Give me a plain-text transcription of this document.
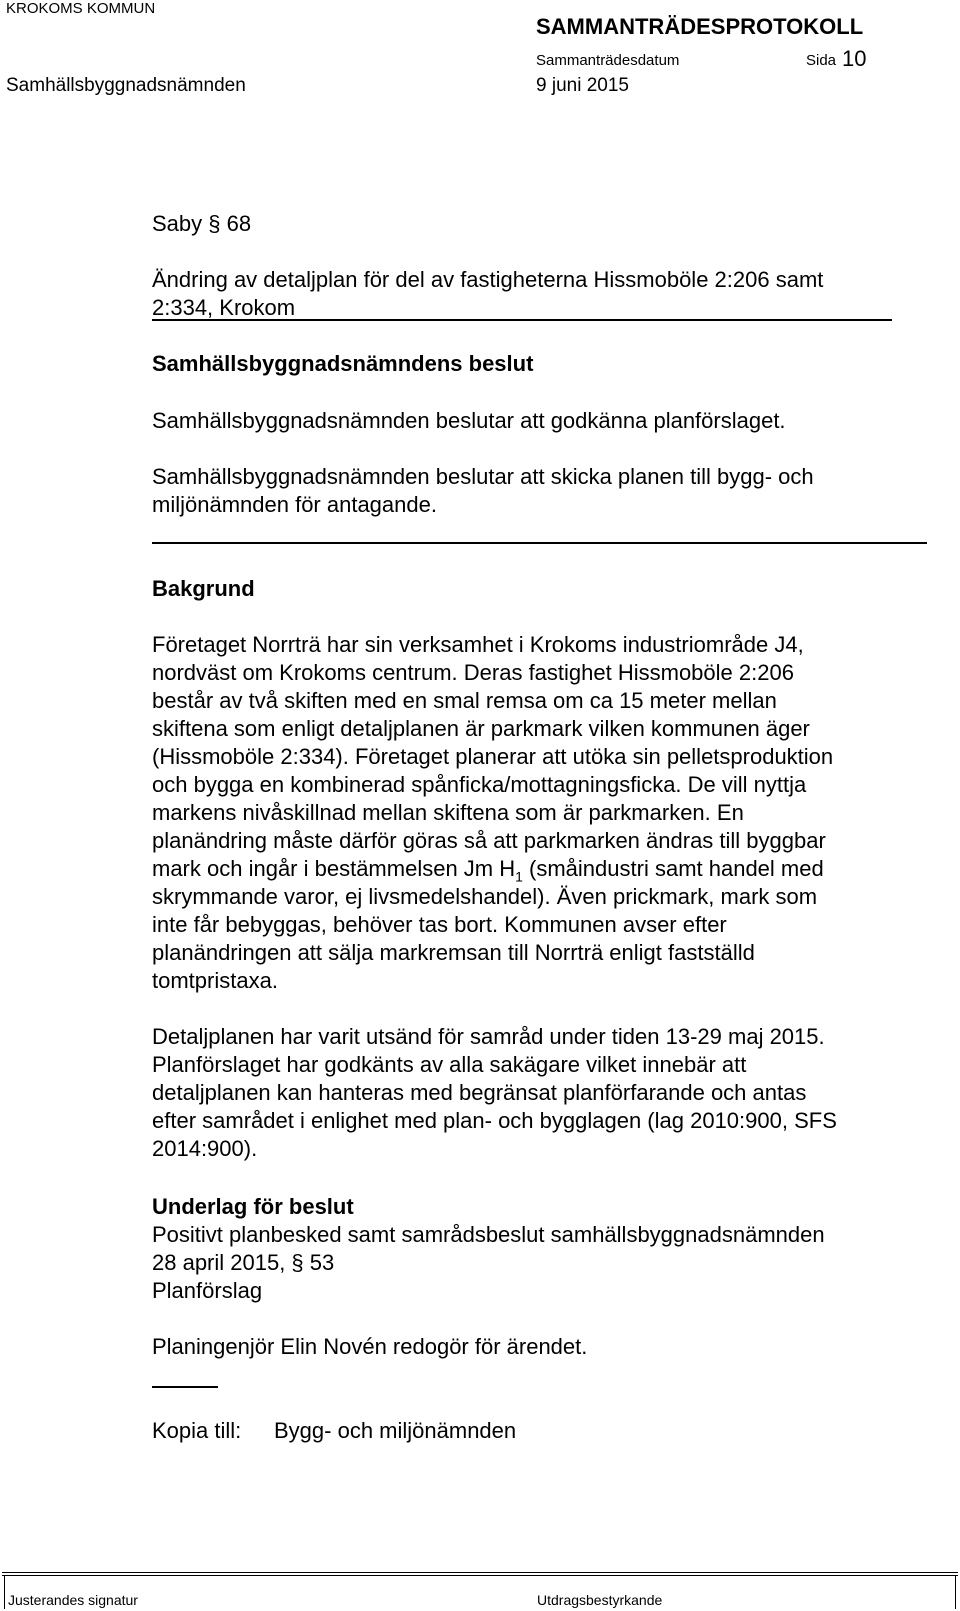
KROKOMS KOMMUN
SAMMANTRÄDESPROTOKOLL
Sammanträdesdatum	Sida 10
Samhällsbyggnadsnämnden	9 juni 2015
Saby § 68
Ändring av detaljplan för del av fastigheterna Hissmoböle 2:206 samt
2:334, Krokom
Samhällsbyggnadsnämndens beslut
Samhällsbyggnadsnämnden beslutar att godkänna planförslaget.
Samhällsbyggnadsnämnden beslutar att skicka planen till bygg- och
miljönämnden för antagande.
Bakgrund
Företaget Norrträ har sin verksamhet i Krokoms industriområde J4,
nordväst om Krokoms centrum. Deras fastighet Hissmoböle 2:206
består av två skiften med en smal remsa om ca 15 meter mellan
skiftena som enligt detaljplanen är parkmark vilken kommunen äger
(Hissmoböle 2:334). Företaget planerar att utöka sin pelletsproduktion
och bygga en kombinerad spånficka/mottagningsficka. De vill nyttja
markens nivåskillnad mellan skiftena som är parkmarken. En
planändring måste därför göras så att parkmarken ändras till byggbar
mark och ingår i bestämmelsen Jm $H_1$ (småindustri samt handel med
skrymmande varor, ej livsmedelshandel). Även prickmark, mark som
inte får bebyggas, behöver tas bort. Kommunen avser efter
planändringen att sälja markremsan till Norrträ enligt fastställd
tomtpristaxa.
Detaljplanen har varit utsänd för samråd under tiden 13-29 maj 2015.
Planförslaget har godkänts av alla sakägare vilket innebär att
detaljplanen kan hanteras med begränsat planförfarande och antas
efter samrådet i enlighet med plan- och bygglagen (lag 2010:900, SFS
2014:900).
Underlag för beslut
Positivt planbesked samt samrådsbeslut samhällsbyggnadsnämnden
28 april 2015, § 53
Planförslag
Planingenjör Elin Novén redogör för ärendet.
Kopia till: Bygg- och miljönämnden
Justerandes signatur	Utdragsbestyrkande
